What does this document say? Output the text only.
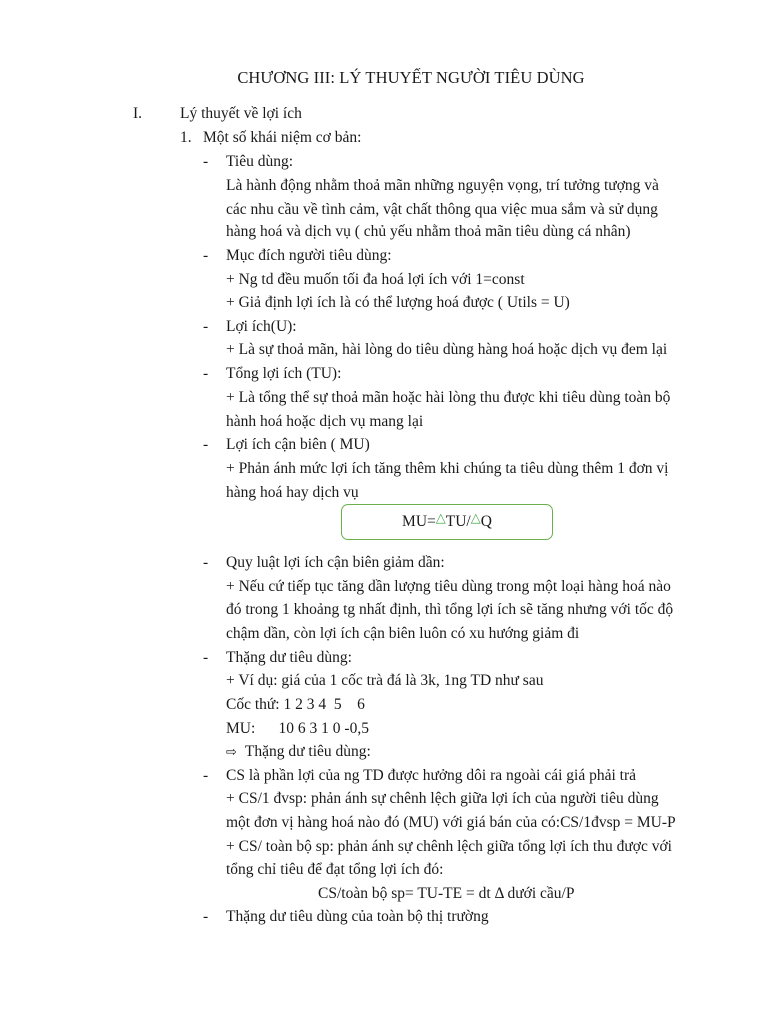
CHƯƠNG III: LÝ THUYẾT NGƯỜI TIÊU DÙNG
I. Lý thuyết về lợi ích
1. Một số khái niệm cơ bản:
- Tiêu dùng:
Là hành động nhằm thoả mãn những nguyện vọng, trí tưởng tượng và
các nhu cầu về tình cảm, vật chất thông qua việc mua sắm và sử dụng
hàng hoá và dịch vụ ( chủ yếu nhằm thoả mãn tiêu dùng cá nhân)
- Mục đích người tiêu dùng:
+ Ng td đều muốn tối đa hoá lợi ích với 1=const
+ Giả định lợi ích là có thể lượng hoá được ( Utils = U)
- Lợi ích(U):
+ Là sự thoả mãn, hài lòng do tiêu dùng hàng hoá hoặc dịch vụ đem lại
- Tổng lợi ích (TU):
+ Là tổng thể sự thoả mãn hoặc hài lòng thu được khi tiêu dùng toàn bộ
hành hoá hoặc dịch vụ mang lại
- Lợi ích cận biên ( MU)
+ Phản ánh mức lợi ích tăng thêm khi chúng ta tiêu dùng thêm 1 đơn vị
hàng hoá hay dịch vụ
MU= △ TU/ △ Q
- Quy luật lợi ích cận biên giảm dần:
+ Nếu cứ tiếp tục tăng dần lượng tiêu dùng trong một loại hàng hoá nào
đó trong 1 khoảng tg nhất định, thì tổng lợi ích sẽ tăng nhưng với tốc độ
chậm dần, còn lợi ích cận biên luôn có xu hướng giảm đi
- Thặng dư tiêu dùng:
+ Ví dụ: giá của 1 cốc trà đá là 3k, 1ng TD như sau
Cốc thứ: 1 2 3 4  5    6
MU:      10 6 3 1 0 -0,5
⇨ Thặng dư tiêu dùng:
- CS là phần lợi của ng TD được hưởng dôi ra ngoài cái giá phải trả
+ CS/1 đvsp: phản ánh sự chênh lệch giữa lợi ích của người tiêu dùng
một đơn vị hàng hoá nào đó (MU) với giá bán của có:CS/1đvsp = MU-P
+ CS/ toàn bộ sp: phản ánh sự chênh lệch giữa tổng lợi ích thu được với
tổng chỉ tiêu để đạt tổng lợi ích đó:
CS/toàn bộ sp= TU-TE = dt Δ dưới cầu/P
- Thặng dư tiêu dùng của toàn bộ thị trường
